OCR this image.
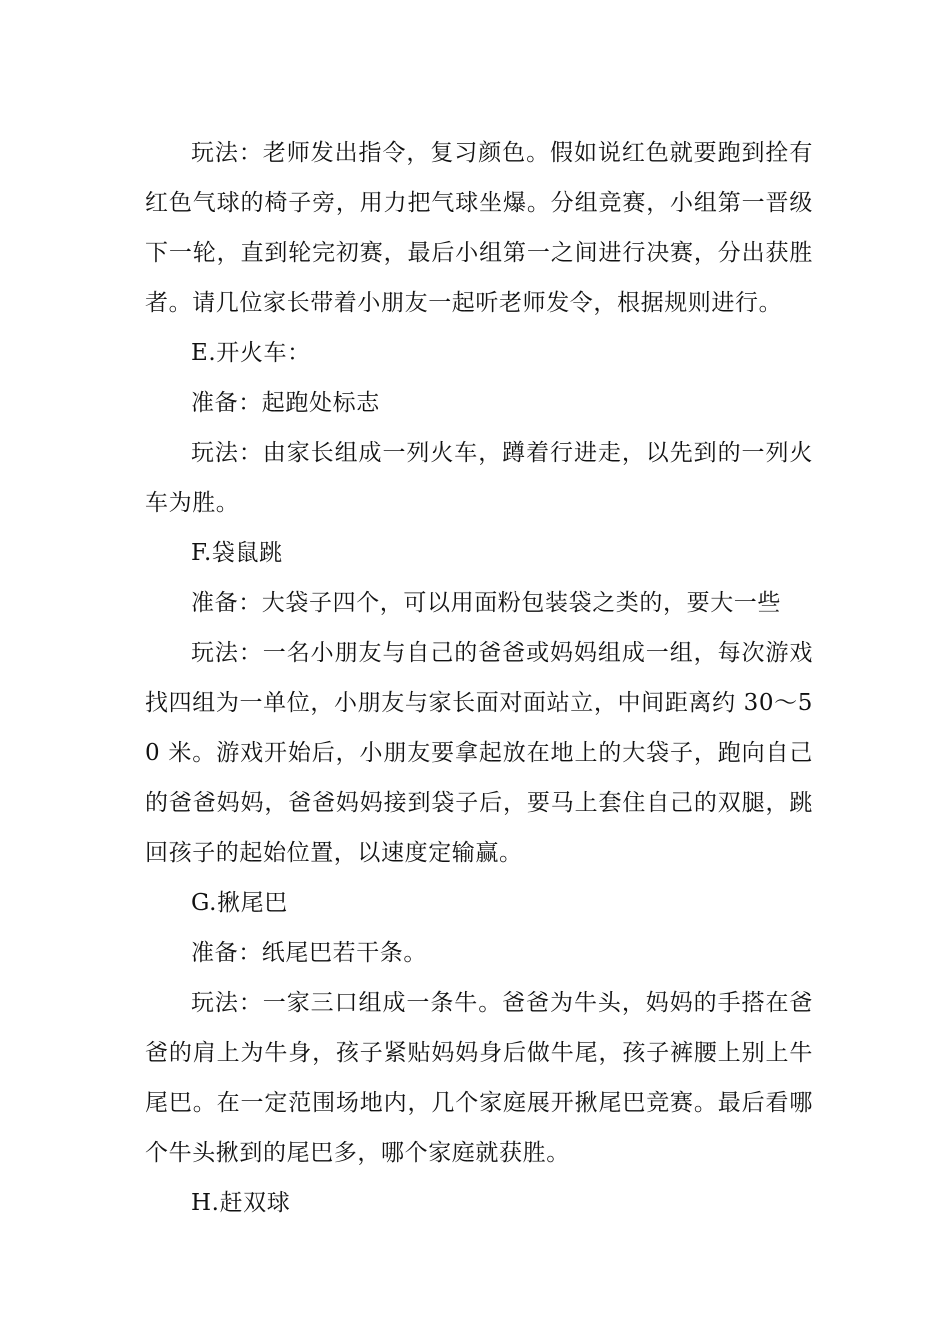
玩法：老师发出指令，复习颜色。假如说红色就要跑到拴有红色气球的椅子旁，用力把气球坐爆。分组竞赛，小组第一晋级下一轮，直到轮完初赛，最后小组第一之间进行决赛，分出获胜者。请几位家长带着小朋友一起听老师发令，根据规则进行。

E.开火车：

准备：起跑处标志

玩法：由家长组成一列火车，蹲着行进走，以先到的一列火车为胜。

F.袋鼠跳

准备：大袋子四个，可以用面粉包装袋之类的，要大一些

玩法：一名小朋友与自己的爸爸或妈妈组成一组，每次游戏找四组为一单位，小朋友与家长面对面站立，中间距离约 30～50 米。游戏开始后，小朋友要拿起放在地上的大袋子，跑向自己的爸爸妈妈，爸爸妈妈接到袋子后，要马上套住自己的双腿，跳回孩子的起始位置，以速度定输赢。

G.揪尾巴

准备：纸尾巴若干条。

玩法：一家三口组成一条牛。爸爸为牛头，妈妈的手搭在爸爸的肩上为牛身，孩子紧贴妈妈身后做牛尾，孩子裤腰上别上牛尾巴。在一定范围场地内，几个家庭展开揪尾巴竞赛。最后看哪个牛头揪到的尾巴多，哪个家庭就获胜。

H.赶双球
